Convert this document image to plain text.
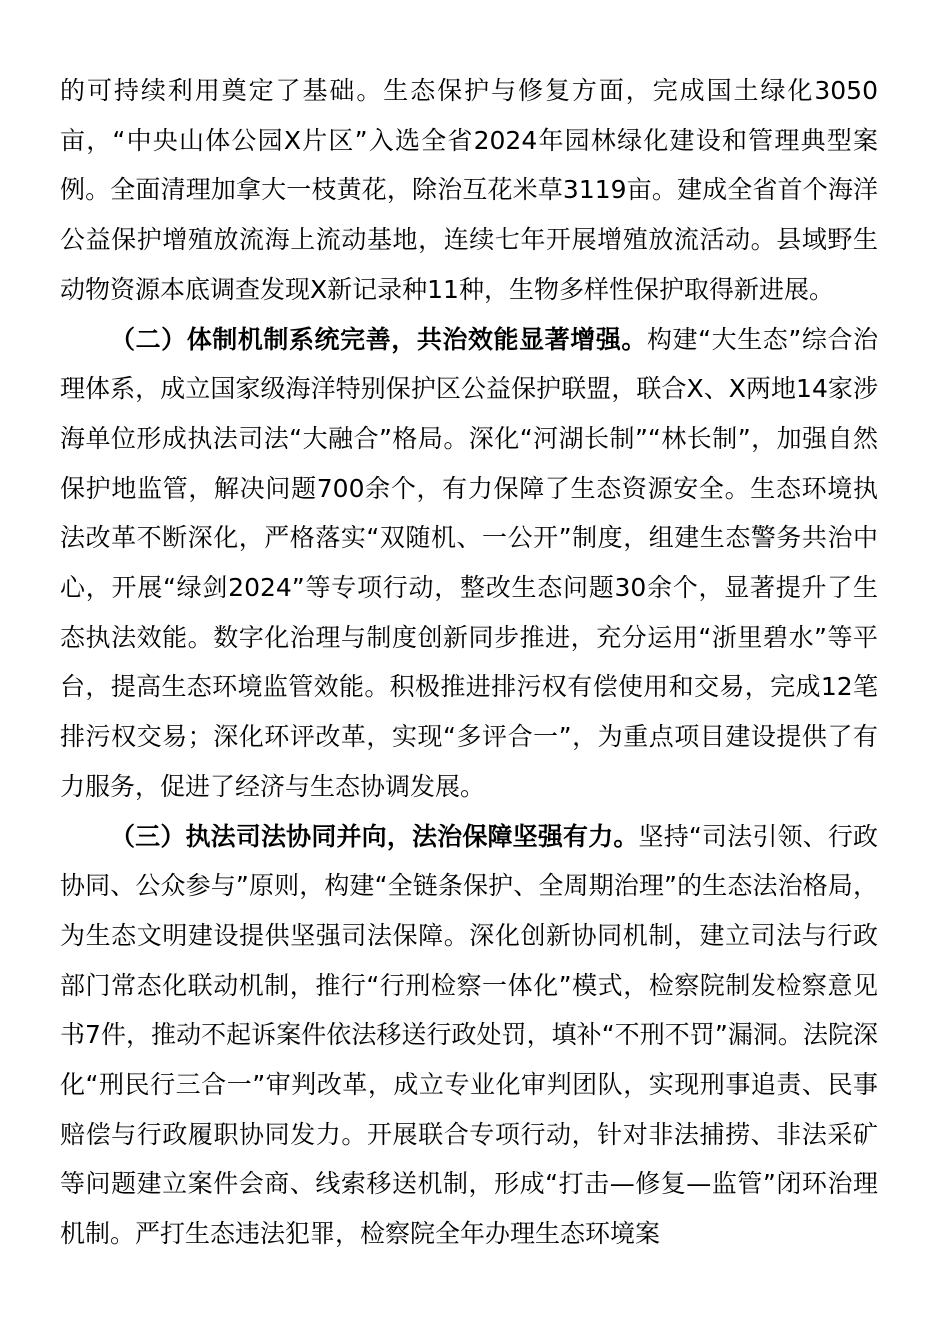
的可持续利用奠定了基础。生态保护与修复方面，完成国土绿化3050亩，“中央山体公园X片区”入选全省2024年园林绿化建设和管理典型案例。全面清理加拿大一枝黄花，除治互花米草3119亩。建成全省首个海洋公益保护增殖放流海上流动基地，连续七年开展增殖放流活动。县域野生动物资源本底调查发现X新记录种11种，生物多样性保护取得新进展。

（二）体制机制系统完善，共治效能显著增强。构建“大生态”综合治理体系，成立国家级海洋特别保护区公益保护联盟，联合X、X两地14家涉海单位形成执法司法“大融合”格局。深化“河湖长制”“林长制”，加强自然保护地监管，解决问题700余个，有力保障了生态资源安全。生态环境执法改革不断深化，严格落实“双随机、一公开”制度，组建生态警务共治中心，开展“绿剑2024”等专项行动，整改生态问题30余个，显著提升了生态执法效能。数字化治理与制度创新同步推进，充分运用“浙里碧水”等平台，提高生态环境监管效能。积极推进排污权有偿使用和交易，完成12笔排污权交易；深化环评改革，实现“多评合一”，为重点项目建设提供了有力服务，促进了经济与生态协调发展。

（三）执法司法协同并向，法治保障坚强有力。坚持“司法引领、行政协同、公众参与”原则，构建“全链条保护、全周期治理”的生态法治格局，为生态文明建设提供坚强司法保障。深化创新协同机制，建立司法与行政部门常态化联动机制，推行“行刑检察一体化”模式，检察院制发检察意见书7件，推动不起诉案件依法移送行政处罚，填补“不刑不罚”漏洞。法院深化“刑民行三合一”审判改革，成立专业化审判团队，实现刑事追责、民事赔偿与行政履职协同发力。开展联合专项行动，针对非法捕捞、非法采矿等问题建立案件会商、线索移送机制，形成“打击—修复—监管”闭环治理机制。严打生态违法犯罪，检察院全年办理生态环境案
